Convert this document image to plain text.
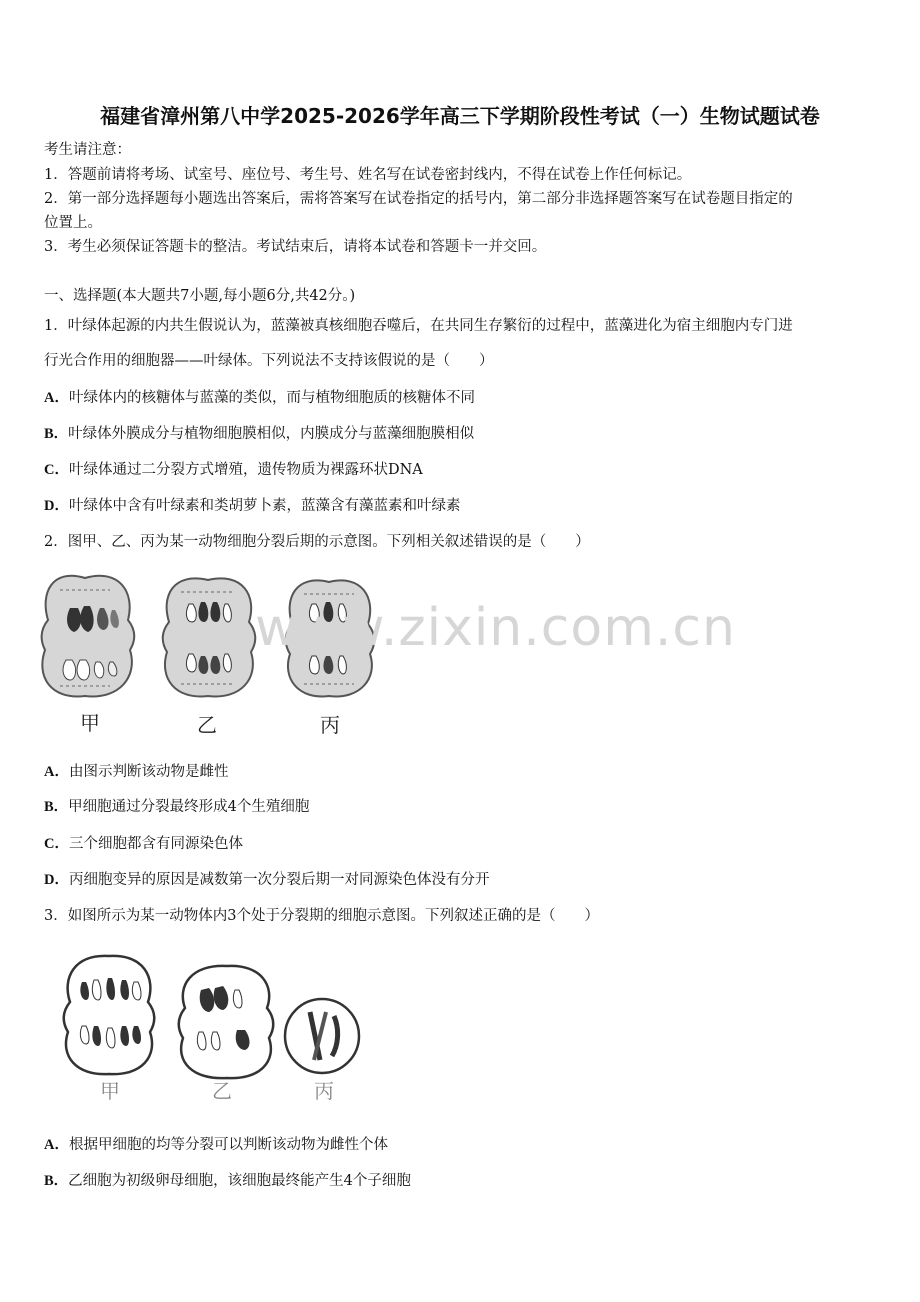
福建省漳州第八中学2025-2026学年高三下学期阶段性考试（一）生物试题试卷
考生请注意：
1．答题前请将考场、试室号、座位号、考生号、姓名写在试卷密封线内，不得在试卷上作任何标记。
2．第一部分选择题每小题选出答案后，需将答案写在试卷指定的括号内，第二部分非选择题答案写在试卷题目指定的
位置上。
3．考生必须保证答题卡的整洁。考试结束后，请将本试卷和答题卡一并交回。
一、选择题(本大题共7小题,每小题6分,共42分。)
1．叶绿体起源的内共生假说认为，蓝藻被真核细胞吞噬后，在共同生存繁衍的过程中，蓝藻进化为宿主细胞内专门进
行光合作用的细胞器——叶绿体。下列说法不支持该假说的是（　　）
A．叶绿体内的核糖体与蓝藻的类似，而与植物细胞质的核糖体不同
B．叶绿体外膜成分与植物细胞膜相似，内膜成分与蓝藻细胞膜相似
C．叶绿体通过二分裂方式增殖，遗传物质为裸露环状DNA
D．叶绿体中含有叶绿素和类胡萝卜素，蓝藻含有藻蓝素和叶绿素
2．图甲、乙、丙为某一动物细胞分裂后期的示意图。下列相关叙述错误的是（　　）
甲	乙	丙
www.zixin.com.cn
A．由图示判断该动物是雌性
B．甲细胞通过分裂最终形成4个生殖细胞
C．三个细胞都含有同源染色体
D．丙细胞变异的原因是减数第一次分裂后期一对同源染色体没有分开
3．如图所示为某一动物体内3个处于分裂期的细胞示意图。下列叙述正确的是（　　）
甲	乙	丙
A．根据甲细胞的均等分裂可以判断该动物为雌性个体
B．乙细胞为初级卵母细胞，该细胞最终能产生4个子细胞
